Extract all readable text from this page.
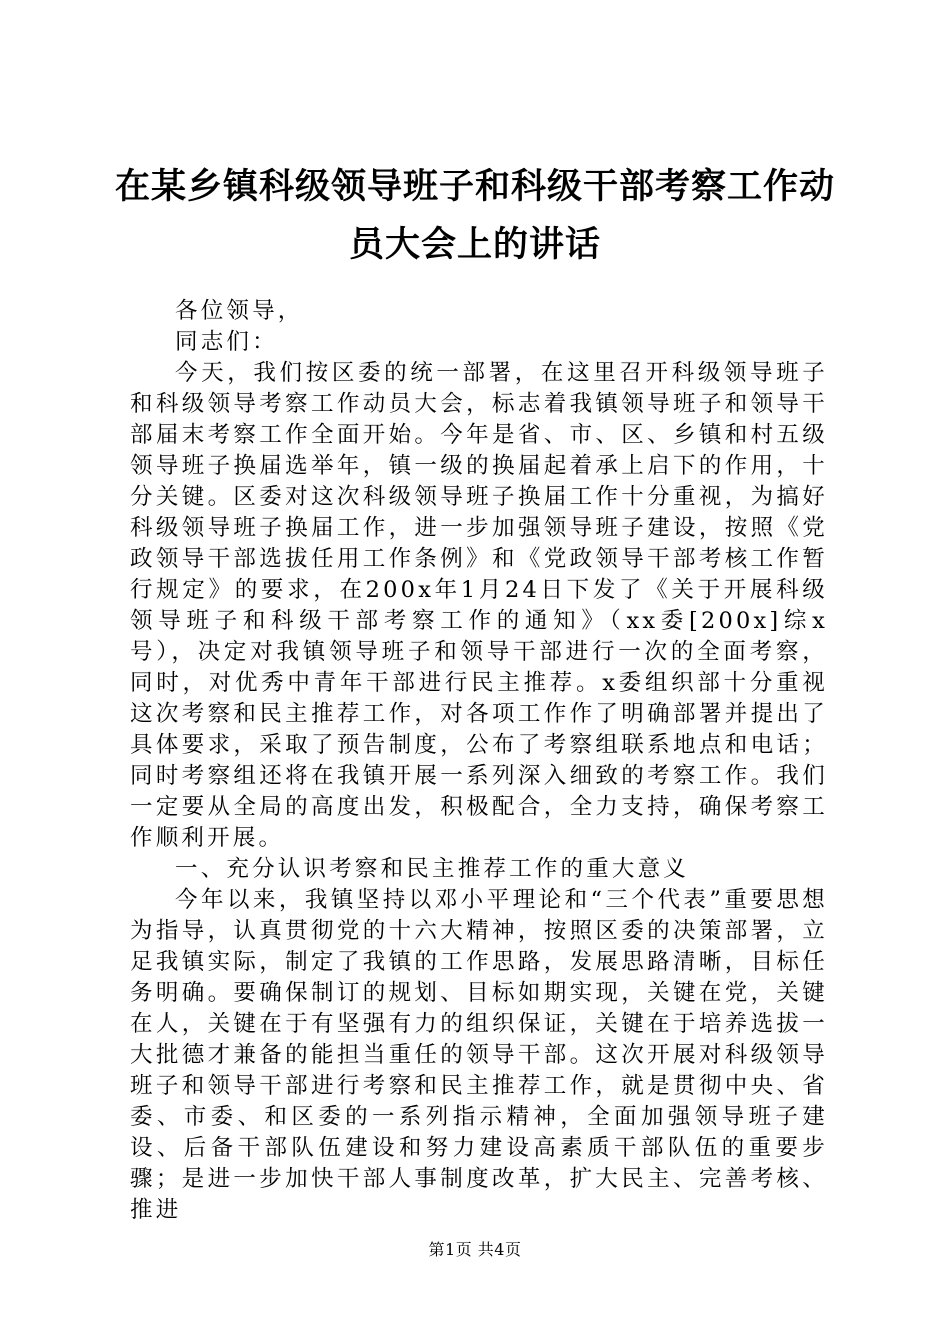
在某乡镇科级领导班子和科级干部考察工作动员大会上的讲话

各位领导，

同志们：

今天，我们按区委的统一部署，在这里召开科级领导班子和科级领导考察工作动员大会，标志着我镇领导班子和领导干部届末考察工作全面开始。今年是省、市、区、乡镇和村五级领导班子换届选举年，镇一级的换届起着承上启下的作用，十分关键。区委对这次科级领导班子换届工作十分重视，为搞好科级领导班子换届工作，进一步加强领导班子建设，按照《党政领导干部选拔任用工作条例》和《党政领导干部考核工作暂行规定》的要求，在200x年1月24日下发了《关于开展科级领导班子和科级干部考察工作的通知》（xx委[200x]综x号），决定对我镇领导班子和领导干部进行一次的全面考察，同时，对优秀中青年干部进行民主推荐。x委组织部十分重视这次考察和民主推荐工作，对各项工作作了明确部署并提出了具体要求，采取了预告制度，公布了考察组联系地点和电话；同时考察组还将在我镇开展一系列深入细致的考察工作。我们一定要从全局的高度出发，积极配合，全力支持，确保考察工作顺利开展。

一、充分认识考察和民主推荐工作的重大意义

今年以来，我镇坚持以邓小平理论和“三个代表”重要思想为指导，认真贯彻党的十六大精神，按照区委的决策部署，立足我镇实际，制定了我镇的工作思路，发展思路清晰，目标任务明确。要确保制订的规划、目标如期实现，关键在党，关键在人，关键在于有坚强有力的组织保证，关键在于培养选拔一大批德才兼备的能担当重任的领导干部。这次开展对科级领导班子和领导干部进行考察和民主推荐工作，就是贯彻中央、省委、市委、和区委的一系列指示精神，全面加强领导班子建设、后备干部队伍建设和努力建设高素质干部队伍的重要步骤；是进一步加快干部人事制度改革，扩大民主、完善考核、推进

第1页 共4页
